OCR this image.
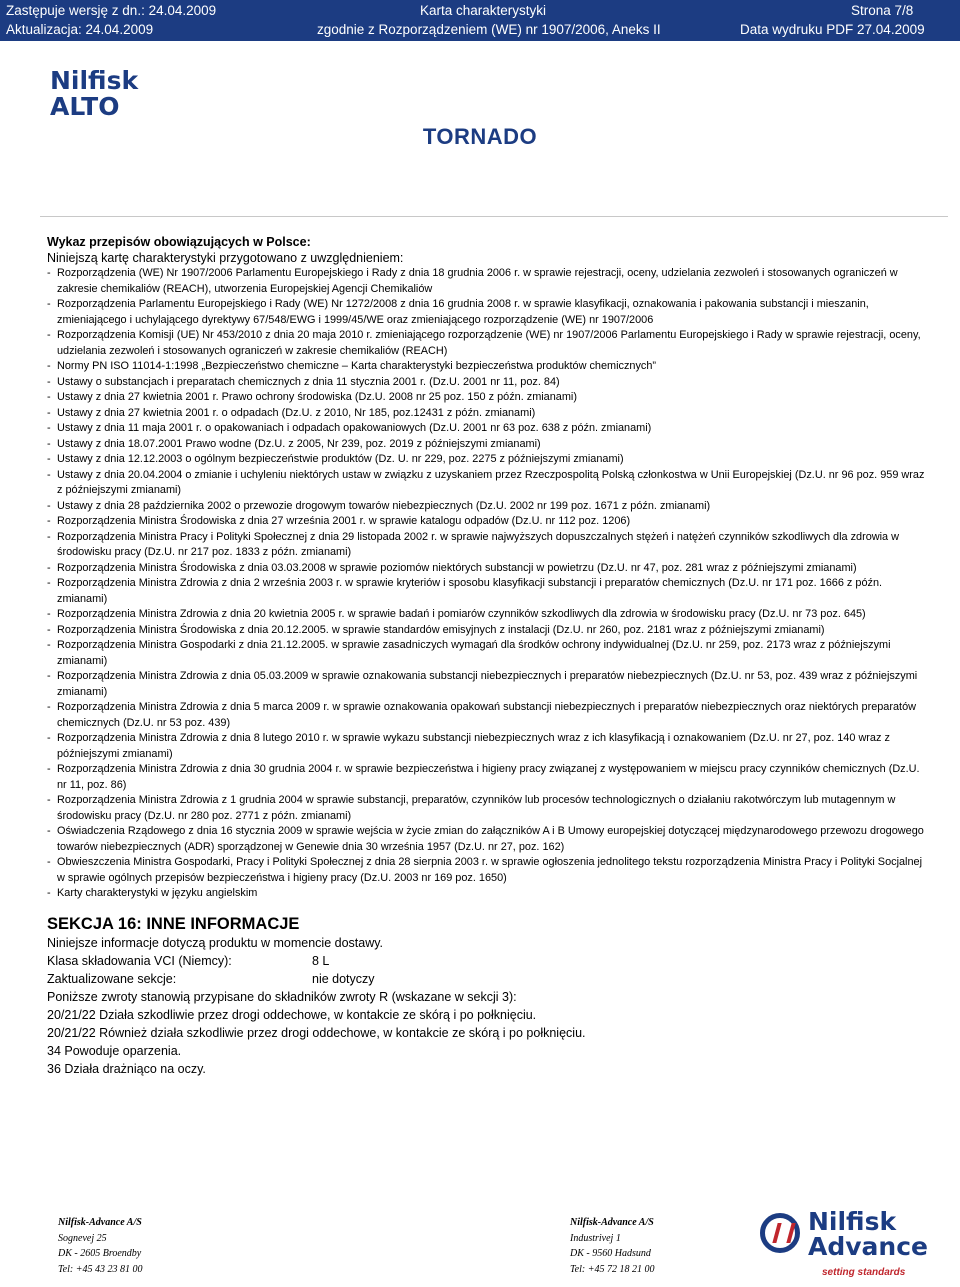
Zastępuje wersję z dn.: 24.04.2009	Karta charakterystyki	Strona 7/8
Aktualizacja: 24.04.2009	zgodnie z Rozporządzeniem (WE) nr 1907/2006, Aneks II	Data wydruku PDF 27.04.2009
Nilfisk
ALTO
TORNADO
Wykaz przepisów obowiązujących w Polsce:
Niniejszą kartę charakterystyki przygotowano z uwzględnieniem:
- Rozporządzenia (WE) Nr 1907/2006 Parlamentu Europejskiego i Rady z dnia 18 grudnia 2006 r. w sprawie rejestracji, oceny, udzielania zezwoleń i stosowanych ograniczeń w zakresie chemikaliów (REACH), utworzenia Europejskiej Agencji Chemikaliów
- Rozporządzenia Parlamentu Europejskiego i Rady (WE) Nr 1272/2008 z dnia 16 grudnia 2008 r. w sprawie klasyfikacji, oznakowania i pakowania substancji i mieszanin, zmieniającego i uchylającego dyrektywy 67/548/EWG i 1999/45/WE oraz zmieniającego rozporządzenie (WE) nr 1907/2006
- Rozporządzenia Komisji (UE) Nr 453/2010 z dnia 20 maja 2010 r. zmieniającego rozporządzenie (WE) nr 1907/2006 Parlamentu Europejskiego i Rady w sprawie rejestracji, oceny, udzielania zezwoleń i stosowanych ograniczeń w zakresie chemikaliów (REACH)
- Normy PN ISO 11014-1:1998 „Bezpieczeństwo chemiczne – Karta charakterystyki bezpieczeństwa produktów chemicznych”
- Ustawy o substancjach i preparatach chemicznych z dnia 11 stycznia 2001 r. (Dz.U. 2001 nr 11, poz. 84)
- Ustawy z dnia 27 kwietnia 2001 r. Prawo ochrony środowiska (Dz.U. 2008 nr 25 poz. 150 z późn. zmianami)
- Ustawy z dnia 27 kwietnia 2001 r. o odpadach (Dz.U. z 2010, Nr 185, poz.12431 z późn. zmianami)
- Ustawy z dnia 11 maja 2001 r. o opakowaniach i odpadach opakowaniowych (Dz.U. 2001 nr 63 poz. 638 z późn. zmianami)
- Ustawy z dnia 18.07.2001 Prawo wodne (Dz.U. z 2005, Nr 239, poz. 2019 z późniejszymi zmianami)
- Ustawy z dnia 12.12.2003 o ogólnym bezpieczeństwie produktów (Dz. U. nr 229, poz. 2275 z późniejszymi zmianami)
- Ustawy z dnia 20.04.2004 o zmianie i uchyleniu niektórych ustaw w związku z uzyskaniem przez Rzeczpospolitą Polską członkostwa w Unii Europejskiej (Dz.U. nr 96 poz. 959 wraz z późniejszymi zmianami)
- Ustawy z dnia 28 października 2002 o przewozie drogowym towarów niebezpiecznych (Dz.U. 2002 nr 199 poz. 1671 z późn. zmianami)
- Rozporządzenia Ministra Środowiska z dnia 27 września 2001 r. w sprawie katalogu odpadów (Dz.U. nr 112 poz. 1206)
- Rozporządzenia Ministra Pracy i Polityki Społecznej z dnia 29 listopada 2002 r. w sprawie najwyższych dopuszczalnych stężeń i natężeń czynników szkodliwych dla zdrowia w środowisku pracy (Dz.U. nr 217 poz. 1833 z późn. zmianami)
- Rozporządzenia Ministra Środowiska z dnia 03.03.2008 w sprawie poziomów niektórych substancji w powietrzu (Dz.U. nr 47, poz. 281 wraz z późniejszymi zmianami)
- Rozporządzenia Ministra Zdrowia z dnia 2 września 2003 r. w sprawie kryteriów i sposobu klasyfikacji substancji i preparatów chemicznych (Dz.U. nr 171 poz. 1666 z późn. zmianami)
- Rozporządzenia Ministra Zdrowia z dnia 20 kwietnia 2005 r. w sprawie badań i pomiarów czynników szkodliwych dla zdrowia w środowisku pracy (Dz.U. nr 73 poz. 645)
- Rozporządzenia Ministra Środowiska z dnia 20.12.2005. w sprawie standardów emisyjnych z instalacji (Dz.U. nr 260, poz. 2181 wraz z późniejszymi zmianami)
- Rozporządzenia Ministra Gospodarki z dnia 21.12.2005. w sprawie zasadniczych wymagań dla środków ochrony indywidualnej (Dz.U. nr 259, poz. 2173 wraz z późniejszymi zmianami)
- Rozporządzenia Ministra Zdrowia z dnia 05.03.2009 w sprawie oznakowania substancji niebezpiecznych i preparatów niebezpiecznych (Dz.U. nr 53, poz. 439 wraz z późniejszymi zmianami)
- Rozporządzenia Ministra Zdrowia z dnia 5 marca 2009 r. w sprawie oznakowania opakowań substancji niebezpiecznych i preparatów niebezpiecznych oraz niektórych preparatów chemicznych (Dz.U. nr 53 poz. 439)
- Rozporządzenia Ministra Zdrowia z dnia 8 lutego 2010 r. w sprawie wykazu substancji niebezpiecznych wraz z ich klasyfikacją i oznakowaniem (Dz.U. nr 27, poz. 140 wraz z późniejszymi zmianami)
- Rozporządzenia Ministra Zdrowia z dnia 30 grudnia 2004 r. w sprawie bezpieczeństwa i higieny pracy związanej z występowaniem w miejscu pracy czynników chemicznych (Dz.U. nr 11, poz. 86)
- Rozporządzenia Ministra Zdrowia z 1 grudnia 2004 w sprawie substancji, preparatów, czynników lub procesów technologicznych o działaniu rakotwórczym lub mutagennym w środowisku pracy (Dz.U. nr 280 poz. 2771 z późn. zmianami)
- Oświadczenia Rządowego z dnia 16 stycznia 2009 w sprawie wejścia w życie zmian do załączników A i B Umowy europejskiej dotyczącej międzynarodowego przewozu drogowego towarów niebezpiecznych (ADR) sporządzonej w Genewie dnia 30 września 1957 (Dz.U. nr 27, poz. 162)
- Obwieszczenia Ministra Gospodarki, Pracy i Polityki Społecznej z dnia 28 sierpnia 2003 r. w sprawie ogłoszenia jednolitego tekstu rozporządzenia Ministra Pracy i Polityki Socjalnej w sprawie ogólnych przepisów bezpieczeństwa i higieny pracy (Dz.U. 2003 nr 169 poz. 1650)
- Karty charakterystyki w języku angielskim
SEKCJA 16: INNE INFORMACJE
Niniejsze informacje dotyczą produktu w momencie dostawy.
Klasa składowania VCI (Niemcy):	8 L
Zaktualizowane sekcje:	nie dotyczy
Poniższe zwroty stanowią przypisane do składników zwroty R (wskazane w sekcji 3):
20/21/22 Działa szkodliwie przez drogi oddechowe, w kontakcie ze skórą i po połknięciu.
20/21/22 Również działa szkodliwie przez drogi oddechowe, w kontakcie ze skórą i po połknięciu.
34 Powoduje oparzenia.
36 Działa drażniąco na oczy.
Nilfisk-Advance A/S
Sognevej 25
DK - 2605 Broendby
Tel: +45 43 23 81 00
Nilfisk-Advance A/S
Industrivej 1
DK - 9560 Hadsund
Tel: +45 72 18 21 00
Nilfisk
Advance
setting standards
